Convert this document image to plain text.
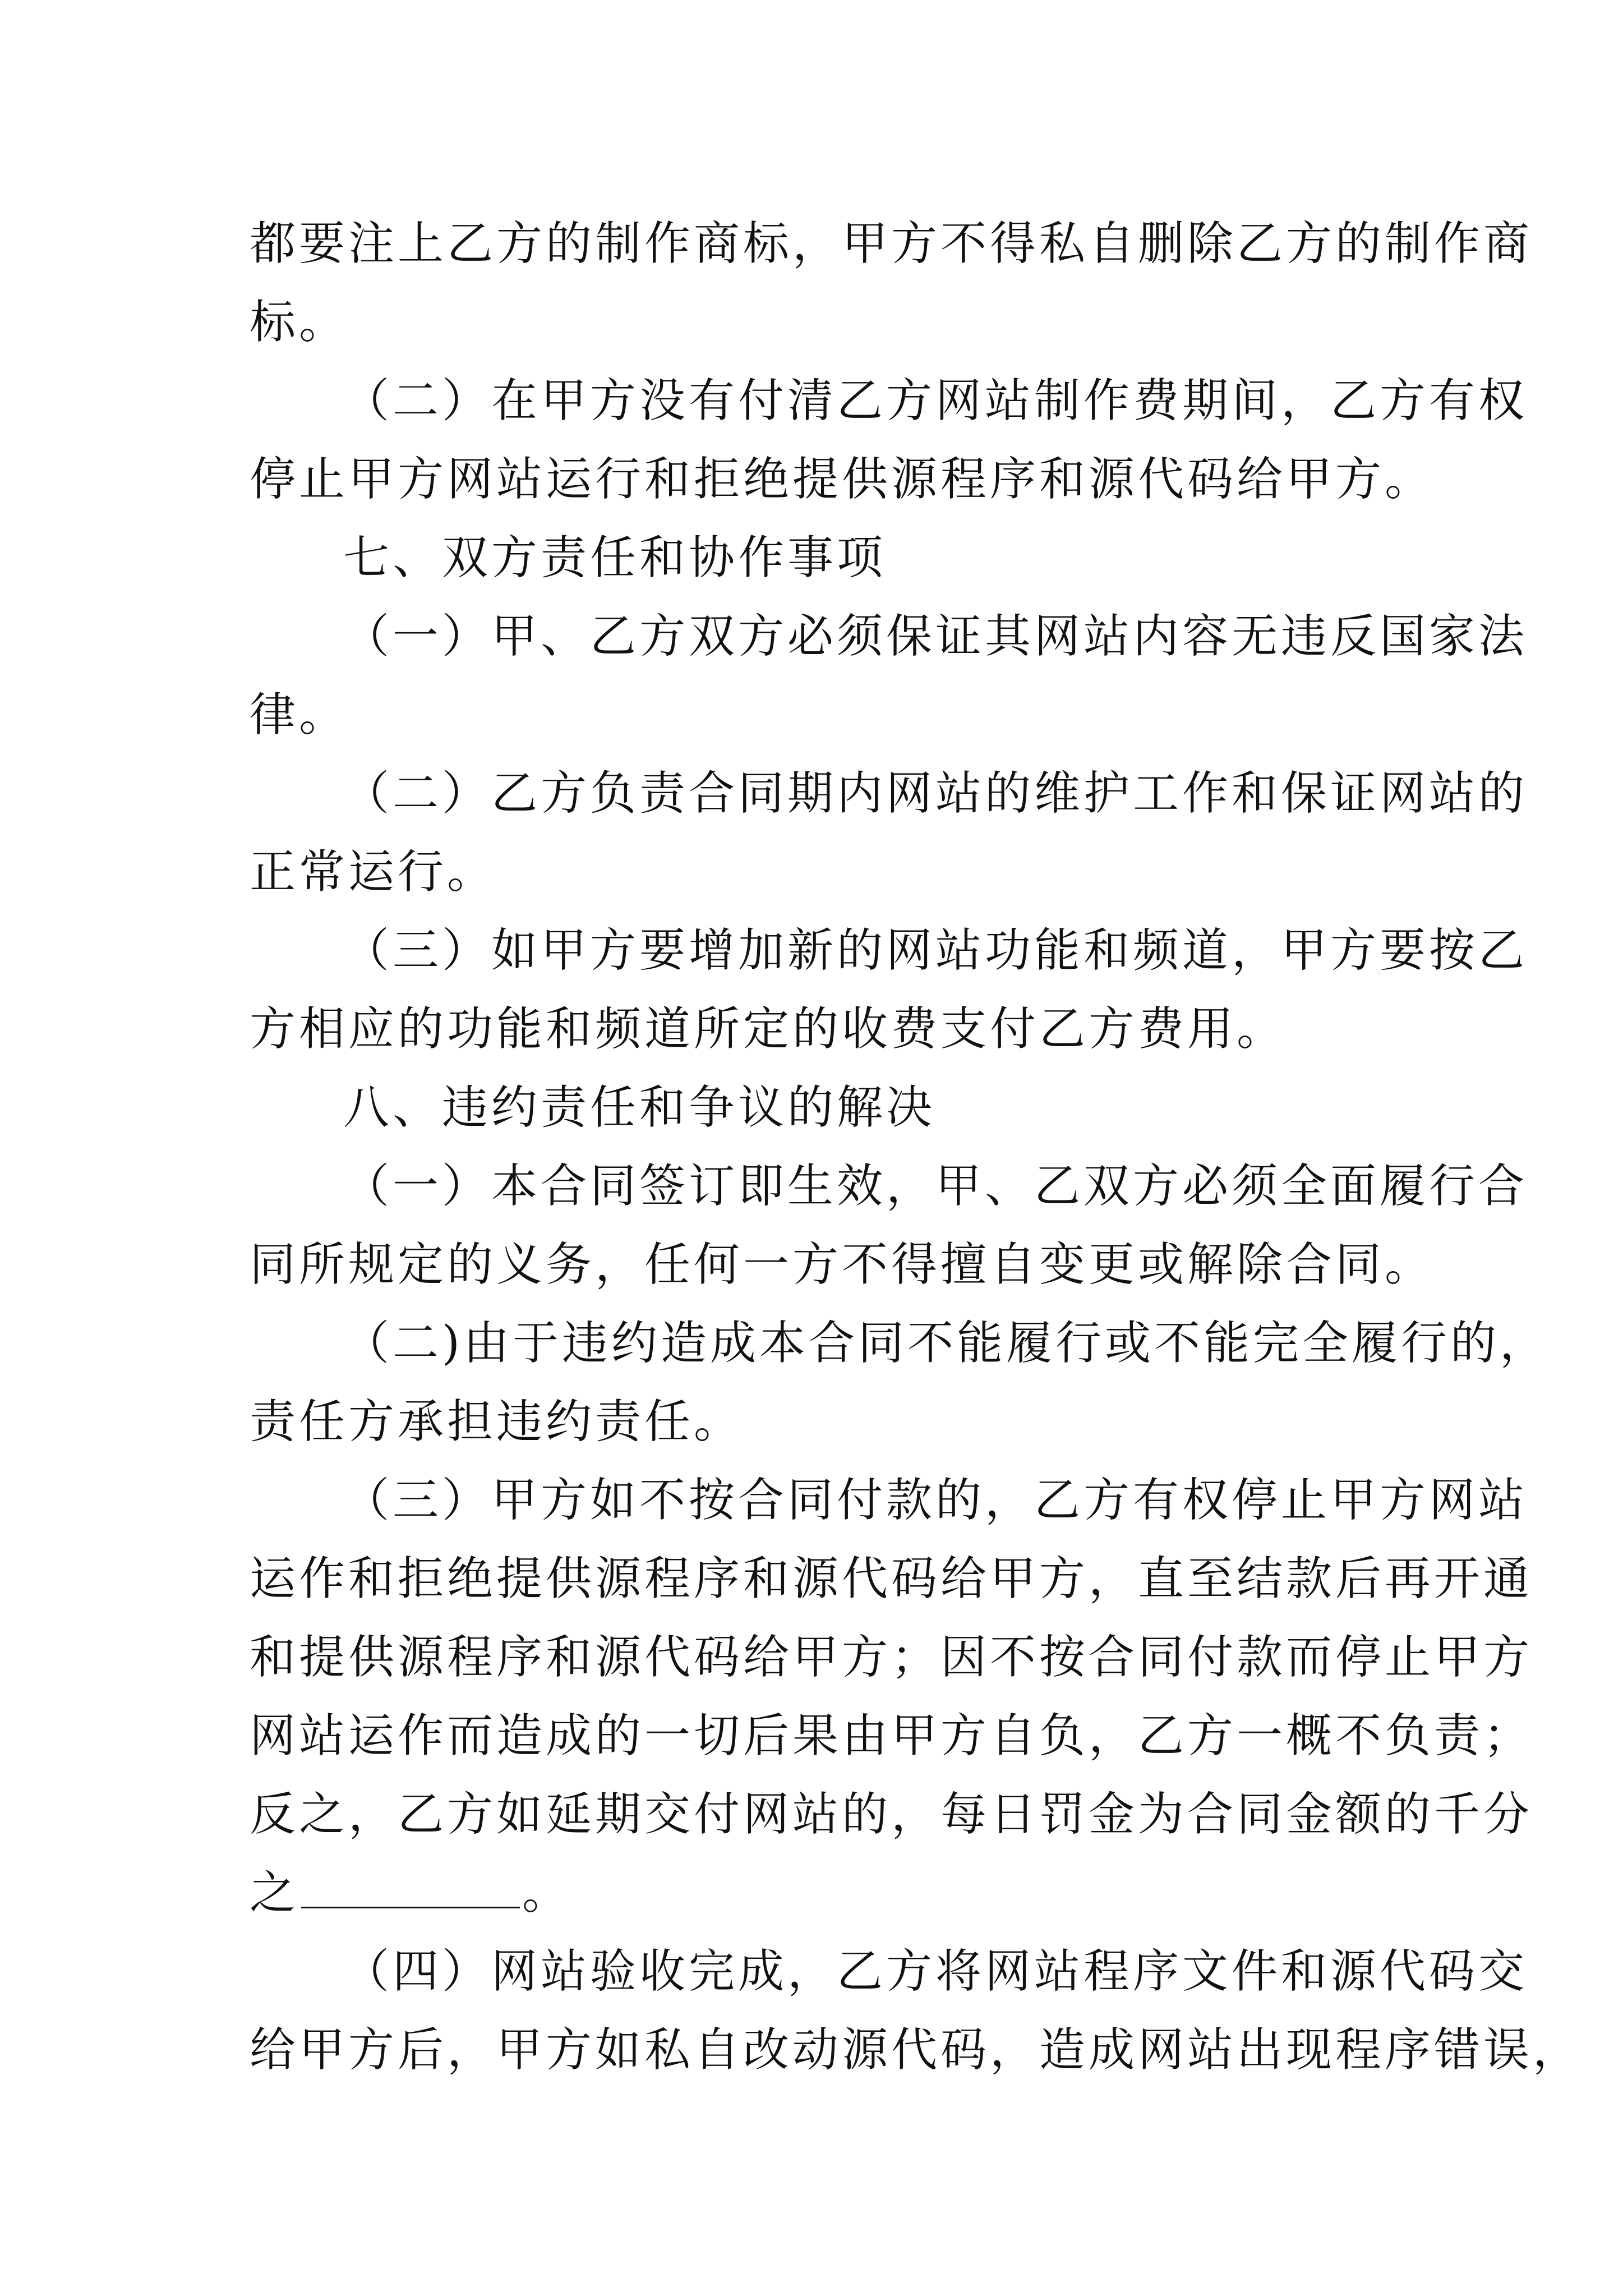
都要注上乙方的制作商标，甲方不得私自删除乙方的制作商
标。
（二）在甲方没有付清乙方网站制作费期间，乙方有权
停止甲方网站运行和拒绝提供源程序和源代码给甲方。
七、双方责任和协作事项
（一）甲、乙方双方必须保证其网站内容无违反国家法
律。
（二）乙方负责合同期内网站的维护工作和保证网站的
正常运行。
（三）如甲方要增加新的网站功能和频道，甲方要按乙
方相应的功能和频道所定的收费支付乙方费用。
八、违约责任和争议的解决
（一）本合同签订即生效，甲、乙双方必须全面履行合
同所规定的义务，任何一方不得擅自变更或解除合同。
（二)由于违约造成本合同不能履行或不能完全履行的，
责任方承担违约责任。
（三）甲方如不按合同付款的，乙方有权停止甲方网站
运作和拒绝提供源程序和源代码给甲方，直至结款后再开通
和提供源程序和源代码给甲方；因不按合同付款而停止甲方
网站运作而造成的一切后果由甲方自负，乙方一概不负责；
反之，乙方如延期交付网站的，每日罚金为合同金额的千分
之	。
（四）网站验收完成，乙方将网站程序文件和源代码交
给甲方后，甲方如私自改动源代码，造成网站出现程序错误，
